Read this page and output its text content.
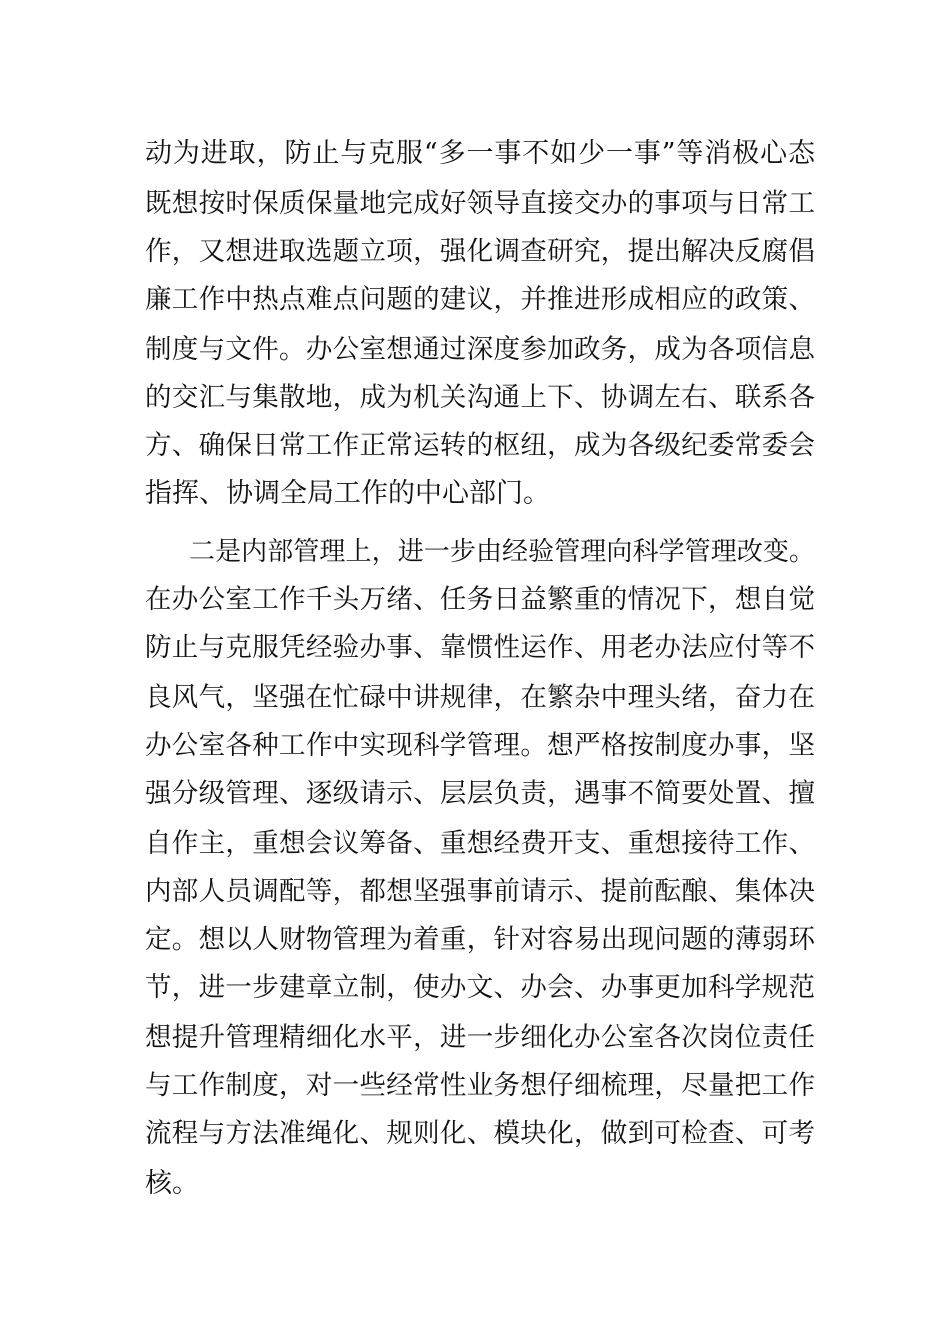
动为进取，防止与克服“多一事不如少一事”等消极心态

既想按时保质保量地完成好领导直接交办的事项与日常工

作，又想进取选题立项，强化调查研究，提出解决反腐倡

廉工作中热点难点问题的建议，并推进形成相应的政策、

制度与文件。办公室想通过深度参加政务，成为各项信息

的交汇与集散地，成为机关沟通上下、协调左右、联系各

方、确保日常工作正常运转的枢纽，成为各级纪委常委会

指挥、协调全局工作的中心部门。

二是内部管理上，进一步由经验管理向科学管理改变。

在办公室工作千头万绪、任务日益繁重的情况下，想自觉

防止与克服凭经验办事、靠惯性运作、用老办法应付等不

良风气，坚强在忙碌中讲规律，在繁杂中理头绪，奋力在

办公室各种工作中实现科学管理。想严格按制度办事，坚

强分级管理、逐级请示、层层负责，遇事不简要处置、擅

自作主，重想会议筹备、重想经费开支、重想接待工作、

内部人员调配等，都想坚强事前请示、提前酝酿、集体决

定。想以人财物管理为着重，针对容易出现问题的薄弱环

节，进一步建章立制，使办文、办会、办事更加科学规范

想提升管理精细化水平，进一步细化办公室各次岗位责任

与工作制度，对一些经常性业务想仔细梳理，尽量把工作

流程与方法准绳化、规则化、模块化，做到可检查、可考

核。
